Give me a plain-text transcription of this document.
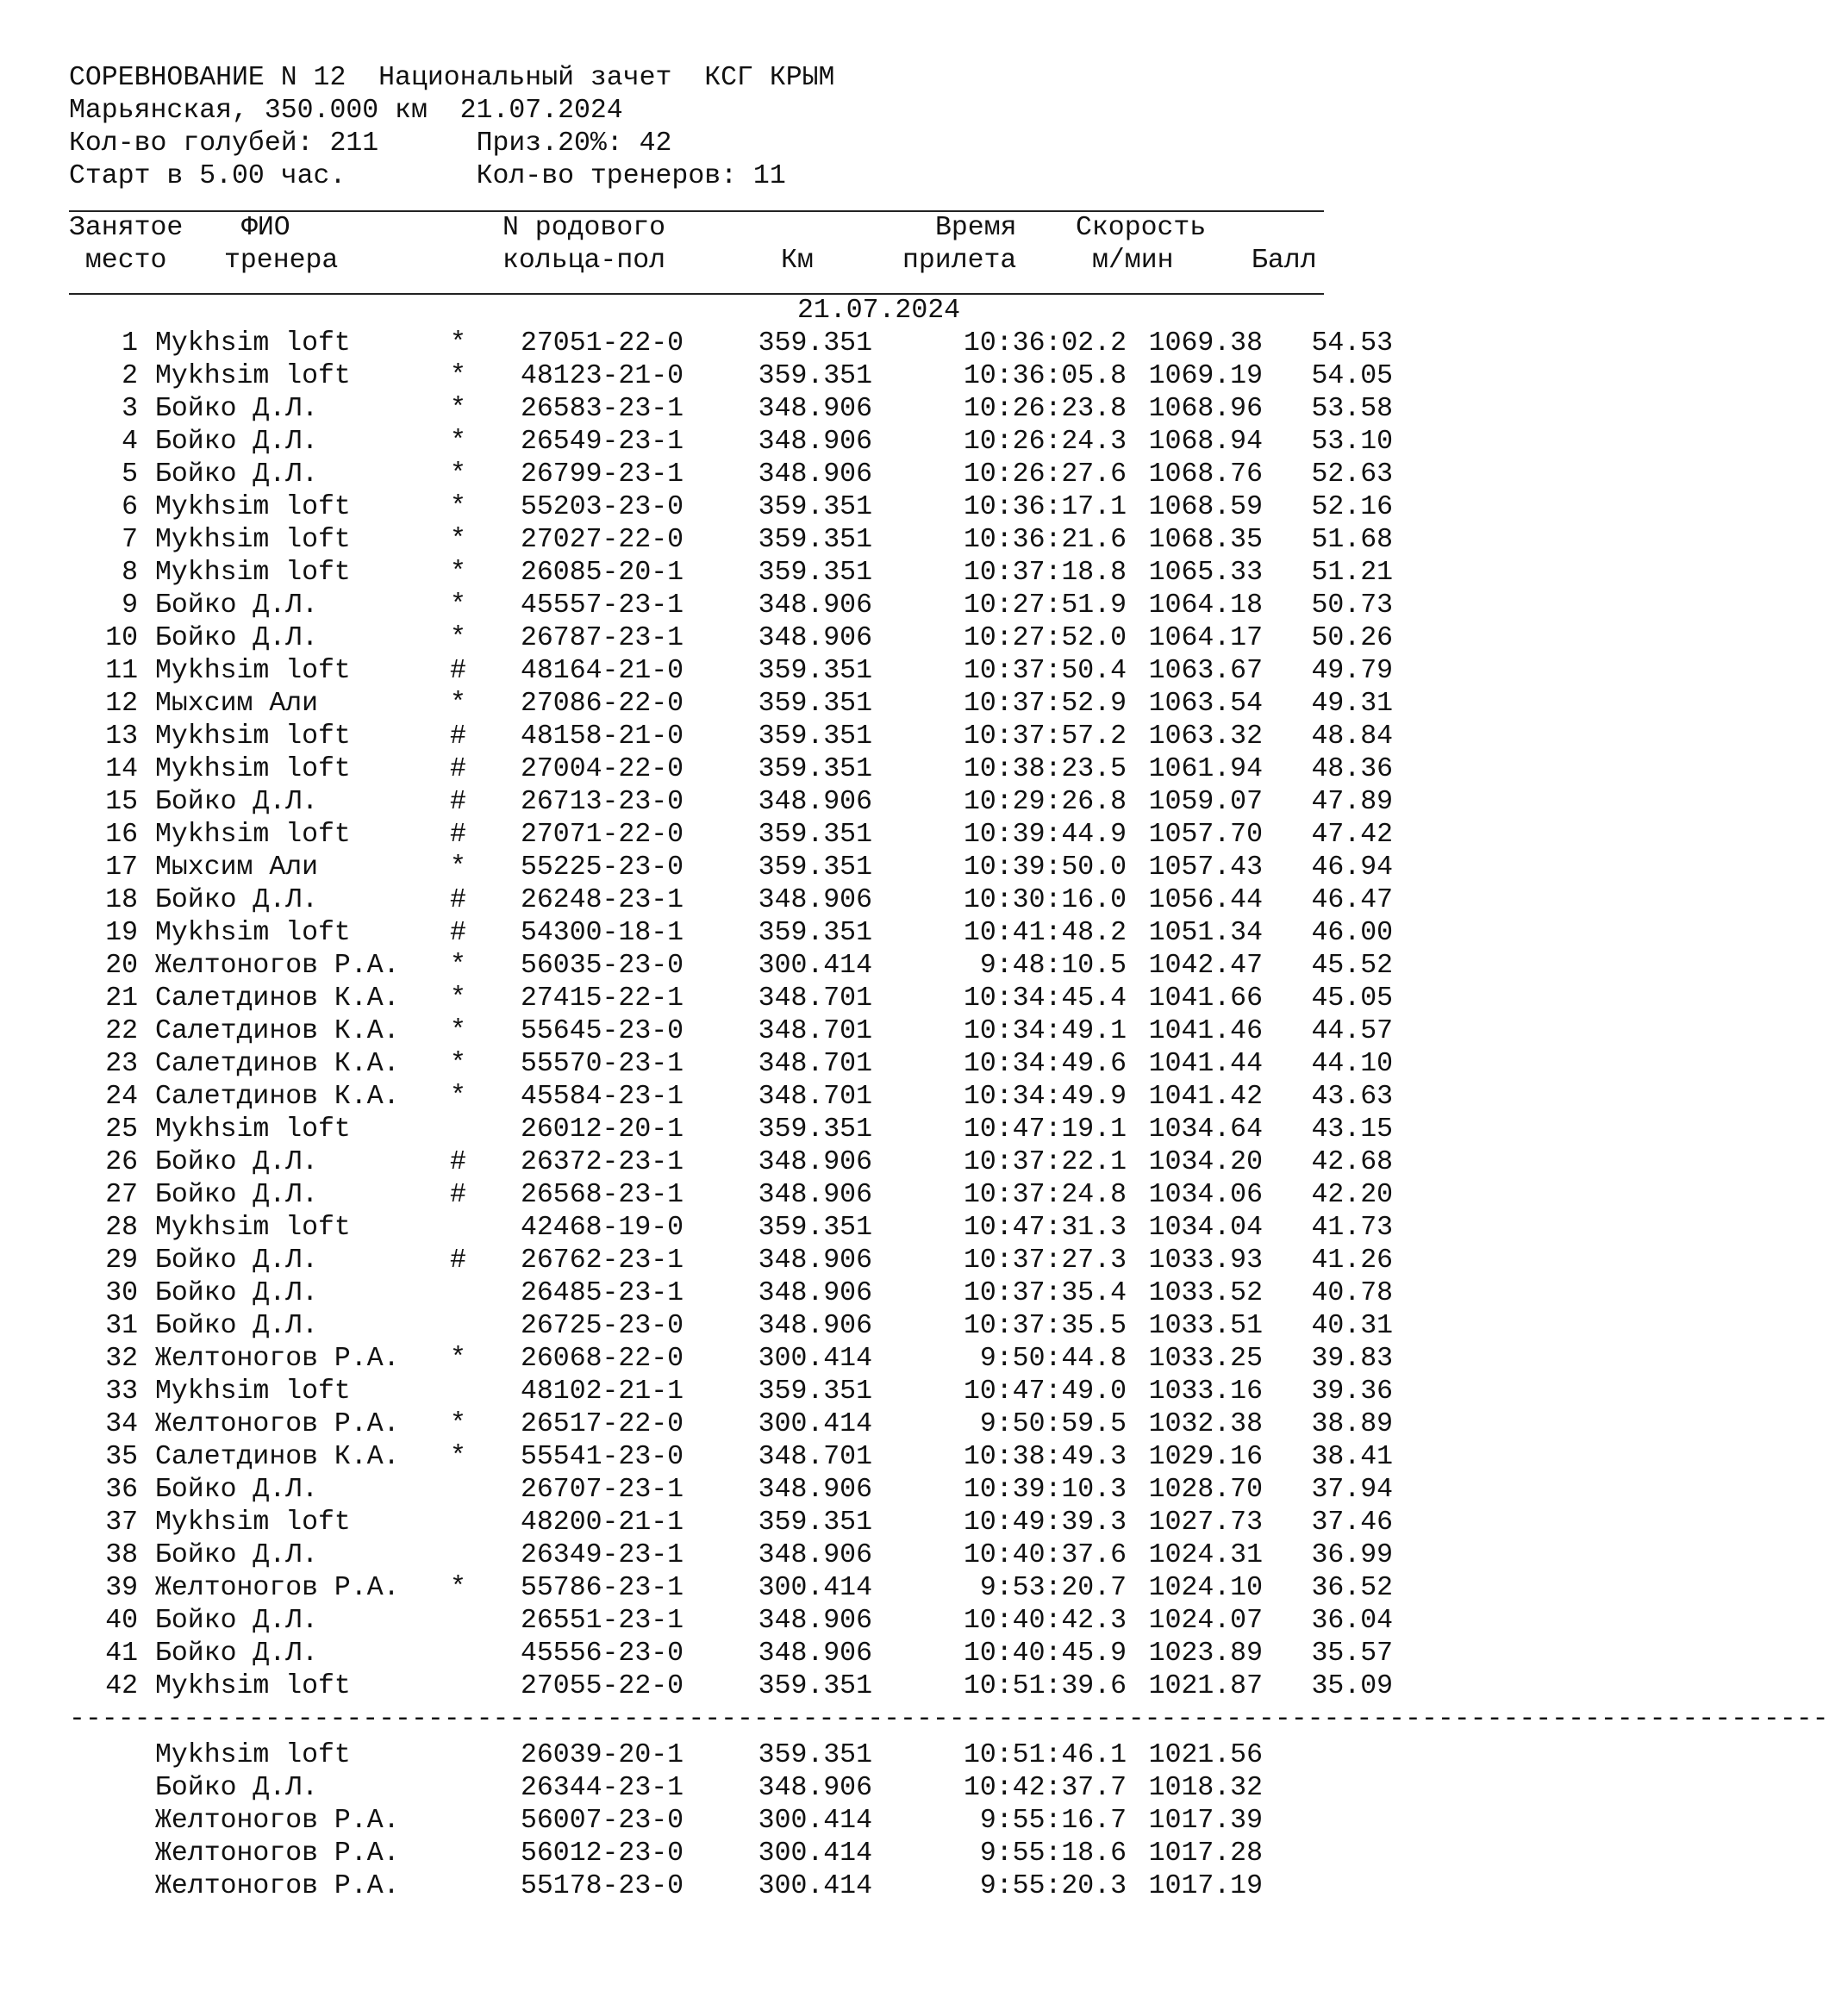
СОРЕВНОВАНИЕ N 12  Национальный зачет  КСГ КРЫМ
Марьянская, 350.000 км  21.07.2024
Кол-во голубей: 211      Приз.20%: 42
Старт в 5.00 час.        Кол-во тренеров: 11
Занятое ФИО	N родового	Время Скорость
место тренера	кольца-пол	Км	прилета	м/мин	Балл
21.07.2024
1 Mykhsim loft	* 27051-22-0	359.351	10:36:02.2 1069.38	54.53
2 Mykhsim loft	* 48123-21-0	359.351	10:36:05.8 1069.19	54.05
3 Бойко Д.Л.	* 26583-23-1	348.906	10:26:23.8 1068.96	53.58
4 Бойко Д.Л.	* 26549-23-1	348.906	10:26:24.3 1068.94	53.10
5 Бойко Д.Л.	* 26799-23-1	348.906	10:26:27.6 1068.76	52.63
6 Mykhsim loft	* 55203-23-0	359.351	10:36:17.1 1068.59	52.16
7 Mykhsim loft	* 27027-22-0	359.351	10:36:21.6 1068.35	51.68
8 Mykhsim loft	* 26085-20-1	359.351	10:37:18.8 1065.33	51.21
9 Бойко Д.Л.	* 45557-23-1	348.906	10:27:51.9 1064.18	50.73
10 Бойко Д.Л.	* 26787-23-1	348.906	10:27:52.0 1064.17	50.26
11 Mykhsim loft	# 48164-21-0	359.351	10:37:50.4 1063.67	49.79
12 Мыхсим Али	* 27086-22-0	359.351	10:37:52.9 1063.54	49.31
13 Mykhsim loft	# 48158-21-0	359.351	10:37:57.2 1063.32	48.84
14 Mykhsim loft	# 27004-22-0	359.351	10:38:23.5 1061.94	48.36
15 Бойко Д.Л.	# 26713-23-0	348.906	10:29:26.8 1059.07	47.89
16 Mykhsim loft	# 27071-22-0	359.351	10:39:44.9 1057.70	47.42
17 Мыхсим Али	* 55225-23-0	359.351	10:39:50.0 1057.43	46.94
18 Бойко Д.Л.	# 26248-23-1	348.906	10:30:16.0 1056.44	46.47
19 Mykhsim loft	# 54300-18-1	359.351	10:41:48.2 1051.34	46.00
20 Желтоногов Р.А. * 56035-23-0	300.414	9:48:10.5 1042.47	45.52
21 Салетдинов К.А. * 27415-22-1	348.701	10:34:45.4 1041.66	45.05
22 Салетдинов К.А. * 55645-23-0	348.701	10:34:49.1 1041.46	44.57
23 Салетдинов К.А. * 55570-23-1	348.701	10:34:49.6 1041.44	44.10
24 Салетдинов К.А. * 45584-23-1	348.701	10:34:49.9 1041.42	43.63
25 Mykhsim loft	26012-20-1	359.351	10:47:19.1 1034.64	43.15
26 Бойко Д.Л.	# 26372-23-1	348.906	10:37:22.1 1034.20	42.68
27 Бойко Д.Л.	# 26568-23-1	348.906	10:37:24.8 1034.06	42.20
28 Mykhsim loft	42468-19-0	359.351	10:47:31.3 1034.04	41.73
29 Бойко Д.Л.	# 26762-23-1	348.906	10:37:27.3 1033.93	41.26
30 Бойко Д.Л.	26485-23-1	348.906	10:37:35.4 1033.52	40.78
31 Бойко Д.Л.	26725-23-0	348.906	10:37:35.5 1033.51	40.31
32 Желтоногов Р.А. * 26068-22-0	300.414	9:50:44.8 1033.25	39.83
33 Mykhsim loft	48102-21-1	359.351	10:47:49.0 1033.16	39.36
34 Желтоногов Р.А. * 26517-22-0	300.414	9:50:59.5 1032.38	38.89
35 Салетдинов К.А. * 55541-23-0	348.701	10:38:49.3 1029.16	38.41
36 Бойко Д.Л.	26707-23-1	348.906	10:39:10.3 1028.70	37.94
37 Mykhsim loft	48200-21-1	359.351	10:49:39.3 1027.73	37.46
38 Бойко Д.Л.	26349-23-1	348.906	10:40:37.6 1024.31	36.99
39 Желтоногов Р.А. * 55786-23-1	300.414	9:53:20.7 1024.10	36.52
40 Бойко Д.Л.	26551-23-1	348.906	10:40:42.3 1024.07	36.04
41 Бойко Д.Л.	45556-23-0	348.906	10:40:45.9 1023.89	35.57
42 Mykhsim loft	27055-22-0	359.351	10:51:39.6 1021.87	35.09
------------------------------------------------------------------------------------------------------------
Mykhsim loft	26039-20-1	359.351	10:51:46.1 1021.56
Бойко Д.Л.	26344-23-1	348.906	10:42:37.7 1018.32
Желтоногов Р.А.	56007-23-0	300.414	9:55:16.7 1017.39
Желтоногов Р.А.	56012-23-0	300.414	9:55:18.6 1017.28
Желтоногов Р.А.	55178-23-0	300.414	9:55:20.3 1017.19
